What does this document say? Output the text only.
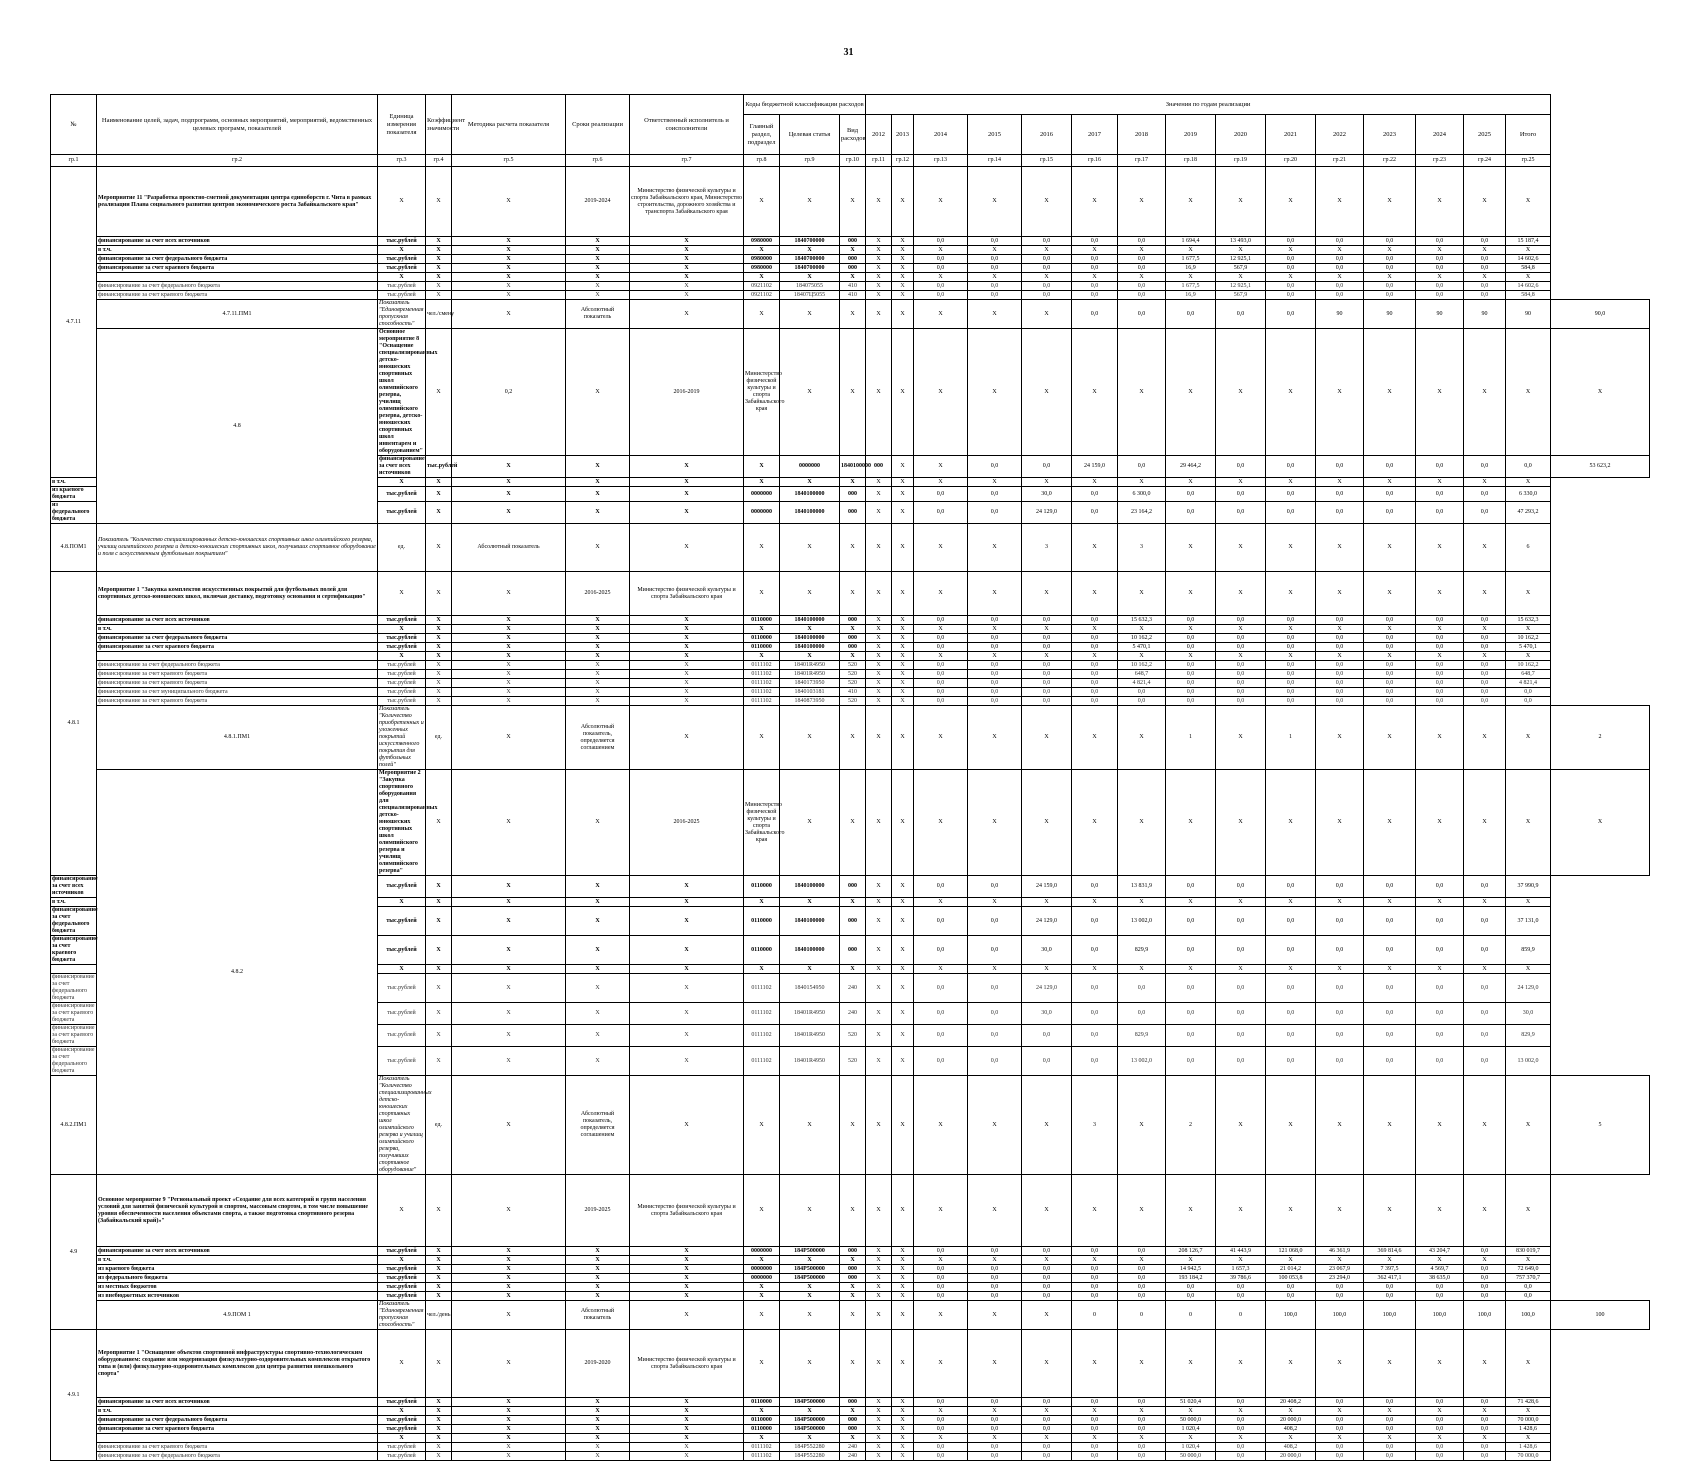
31
№	Наименование целей, задач, подпрограмм, основных мероприятий, мероприятий, ведомственных целевых программ, показателей	Единица измерения показателя	Коэффициент значимости	Методика расчета показателя	Сроки реализации	Ответственный исполнитель и соисполнители	Коды бюджетной классификации расходов			Значения по годам реализации															
							Главный раздел, подраздел	Целевая статья	Вид расходов	2012	2013	2014	2015	2016	2017	2018	2019	2020	2021	2022	2023	2024	2025	Итого	
гр.1	гр.2	гр.3	гр.4	гр.5	гр.6	гр.7	гр.8	гр.9	гр.10	гр.11	гр.12	гр.13	гр.14	гр.15	гр.16	гр.17	гр.18	гр.19	гр.20	гр.21	гр.22	гр.23	гр.24	гр.25	
4.7.11	Мероприятие 11 "Разработка проектно-сметной документации центра единоборств г. Чита в рамках реализации Плана социального развития центров экономического роста Забайкальского края"	Х	Х	Х	2019-2024	Министерство физической культуры и спорта Забайкальского края, Министерство строительства, дорожного хозяйства и транспорта Забайкальского края	Х	Х	Х	Х	Х	Х	Х	Х	Х	Х	Х	Х	Х	Х	Х	Х	Х	Х	
	финансирование за счет всех источников	тыс.рублей	Х	Х	Х	Х	0980000	1840700000	000	Х	Х	0,0	0,0	0,0	0,0	0,0	1 694,4	13 493,0	0,0	0,0	0,0	0,0	0,0	15 187,4	
	в т.ч.	Х	Х	Х	Х	Х	Х	Х	Х	Х	Х	Х	Х	Х	Х	Х	Х	Х	Х	Х	Х	Х	Х	Х	
	финансирование за счет федерального бюджета	тыс.рублей	Х	Х	Х	Х	0980000	1840700000	000	Х	Х	0,0	0,0	0,0	0,0	0,0	1 677,5	12 925,1	0,0	0,0	0,0	0,0	0,0	14 602,6	
	финансирование за счет краевого бюджета	тыс.рублей	Х	Х	Х	Х	0980000	1840700000	000	Х	Х	0,0	0,0	0,0	0,0	0,0	16,9	567,9	0,0	0,0	0,0	0,0	0,0	584,8	
		Х	Х	Х	Х	Х	Х	Х	Х	Х	Х	Х	Х	Х	Х	Х	Х	Х	Х	Х	Х	Х	Х	Х	
	финансирование за счет федерального бюджета	тыс.рублей	Х	Х	Х	Х	0921102	184075055	410	Х	Х	0,0	0,0	0,0	0,0	0,0	1 677,5	12 925,1	0,0	0,0	0,0	0,0	0,0	14 602,6	
	финансирование за счет краевого бюджета	тыс.рублей	Х	Х	Х	Х	0921102	18407Ц5055	410	Х	Х	0,0	0,0	0,0	0,0	0,0	16,9	567,9	0,0	0,0	0,0	0,0	0,0	584,8	
	4.7.11.ПМ1	Показатель "Единовременная пропускная способность"	чел./смену	Х	Абсолютный показатель	Х	Х	Х	Х	Х	Х	Х	Х	Х	0,0	0,0	0,0	0,0	0,0	90	90	90	90	90	90,0
	4.8	Основное мероприятие 8 "Оснащение специализированных детско-юношеских спортивных школ олимпийского резерва, училищ олимпийского резерва, детско-юношеских спортивных школ инвентарем и оборудованием"	Х	0,2	Х	2016-2019	Министерство физической культуры и спорта Забайкальского края	Х	Х	Х	Х	Х	Х	Х	Х	Х	Х	Х	Х	Х	Х	Х	Х	Х	Х
		финансирование за счет всех источников	тыс.рублей	Х	Х	Х	Х	0000000	1840100000	000	Х	Х	0,0	0,0	24 159,0	0,0	29 464,2	0,0	0,0	0,0	0,0	0,0	0,0	0,0	53 623,2
в т.ч.		Х	Х	Х	Х	Х	Х	Х	Х	Х	Х	Х	Х	Х	Х	Х	Х	Х	Х	Х	Х	Х	Х	Х	
из краевого бюджета		тыс.рублей	Х	Х	Х	Х	0000000	1840100000	000	Х	Х	0,0	0,0	30,0	0,0	6 300,0	0,0	0,0	0,0	0,0	0,0	0,0	0,0	6 330,0	
из федерального бюджета		тыс.рублей	Х	Х	Х	Х	0000000	1840100000	000	Х	Х	0,0	0,0	24 129,0	0,0	23 164,2	0,0	0,0	0,0	0,0	0,0	0,0	0,0	47 293,2	
4.8.ПОМ1	Показатель "Количество специализированных детско-юношеских спортивных школ олимпийского резерва, училищ олимпийского резерва и детско-юношеских спортивных школ, получивших спортивное оборудование и поля с искусственным футбольным покрытием"	ед.	Х	Абсолютный показатель	Х	Х	Х	Х	Х	Х	Х	Х	Х	3	Х	3	Х	Х	Х	Х	Х	Х	Х	6	
4.8.1	Мероприятие 1 "Закупка комплектов искусственных покрытий для футбольных полей для спортивных детско-юношеских школ, включая доставку, подготовку основания и сертификацию"	Х	Х	Х	2016-2025	Министерство физической культуры и спорта Забайкальского края	Х	Х	Х	Х	Х	Х	Х	Х	Х	Х	Х	Х	Х	Х	Х	Х	Х	Х	
	финансирование за счет всех источников	тыс.рублей	Х	Х	Х	Х	0110000	1840100000	000	Х	Х	0,0	0,0	0,0	0,0	15 632,3	0,0	0,0	0,0	0,0	0,0	0,0	0,0	15 632,3	
	в т.ч.	Х	Х	Х	Х	Х	Х	Х	Х	Х	Х	Х	Х	Х	Х	Х	Х	Х	Х	Х	Х	Х	Х	Х	
	финансирование за счет федерального бюджета	тыс.рублей	Х	Х	Х	Х	0110000	1840100000	000	Х	Х	0,0	0,0	0,0	0,0	10 162,2	0,0	0,0	0,0	0,0	0,0	0,0	0,0	10 162,2	
	финансирование за счет краевого бюджета	тыс.рублей	Х	Х	Х	Х	0110000	1840100000	000	Х	Х	0,0	0,0	0,0	0,0	5 470,1	0,0	0,0	0,0	0,0	0,0	0,0	0,0	5 470,1	
		Х	Х	Х	Х	Х	Х	Х	Х	Х	Х	Х	Х	Х	Х	Х	Х	Х	Х	Х	Х	Х	Х	Х	
	финансирование за счет федерального бюджета	тыс.рублей	Х	Х	Х	Х	0111102	18401R4950	520	Х	Х	0,0	0,0	0,0	0,0	10 162,2	0,0	0,0	0,0	0,0	0,0	0,0	0,0	10 162,2	
	финансирование за счет краевого бюджета	тыс.рублей	Х	Х	Х	Х	0111102	18401R4950	520	Х	Х	0,0	0,0	0,0	0,0	648,7	0,0	0,0	0,0	0,0	0,0	0,0	0,0	648,7	
	финансирование за счет краевого бюджета	тыс.рублей	Х	Х	Х	Х	0111102	1840173950	520	Х	Х	0,0	0,0	0,0	0,0	4 821,4	0,0	0,0	0,0	0,0	0,0	0,0	0,0	4 821,4	
	финансирование за счет муниципального бюджета	тыс.рублей	Х	Х	Х	Х	0111102	1840103181	410	Х	Х	0,0	0,0	0,0	0,0	0,0	0,0	0,0	0,0	0,0	0,0	0,0	0,0	0,0	
	финансирование за счет краевого бюджета	тыс.рублей	Х	Х	Х	Х	0111102	1840873950	520	Х	Х	0,0	0,0	0,0	0,0	0,0	0,0	0,0	0,0	0,0	0,0	0,0	0,0	0,0	
	4.8.1.ПМ1	Показатель "Количество приобретенных и уложенных покрытий искусственного покрытия для футбольных полей"	ед.	Х	Абсолютный показатель, определяется соглашением	Х	Х	Х	Х	Х	Х	Х	Х	Х	Х	Х	1	Х	1	Х	Х	Х	Х	Х	2
	4.8.2	Мероприятие 2 "Закупка спортивного оборудования для специализированных детско-юношеских спортивных школ олимпийского резерва и училищ олимпийского резерва"	Х	Х	Х	2016-2025	Министерство физической культуры и спорта Забайкальского края	Х	Х	Х	Х	Х	Х	Х	Х	Х	Х	Х	Х	Х	Х	Х	Х	Х	Х
финансирование за счет всех источников		тыс.рублей	Х	Х	Х	Х	0110000	1840100000	000	Х	Х	0,0	0,0	24 159,0	0,0	13 831,9	0,0	0,0	0,0	0,0	0,0	0,0	0,0	37 990,9	
в т.ч.		Х	Х	Х	Х	Х	Х	Х	Х	Х	Х	Х	Х	Х	Х	Х	Х	Х	Х	Х	Х	Х	Х	Х	
финансирование за счет федерального бюджета		тыс.рублей	Х	Х	Х	Х	0110000	1840100000	000	Х	Х	0,0	0,0	24 129,0	0,0	13 002,0	0,0	0,0	0,0	0,0	0,0	0,0	0,0	37 131,0	
финансирование за счет краевого бюджета		тыс.рублей	Х	Х	Х	Х	0110000	1840100000	000	Х	Х	0,0	0,0	30,0	0,0	829,9	0,0	0,0	0,0	0,0	0,0	0,0	0,0	859,9	
		Х	Х	Х	Х	Х	Х	Х	Х	Х	Х	Х	Х	Х	Х	Х	Х	Х	Х	Х	Х	Х	Х	Х	
финансирование за счет федерального бюджета		тыс.рублей	Х	Х	Х	Х	0111102	1840154950	240	Х	Х	0,0	0,0	24 129,0	0,0	0,0	0,0	0,0	0,0	0,0	0,0	0,0	0,0	24 129,0	
финансирование за счет краевого бюджета		тыс.рублей	Х	Х	Х	Х	0111102	18401R4950	240	Х	Х	0,0	0,0	30,0	0,0	0,0	0,0	0,0	0,0	0,0	0,0	0,0	0,0	30,0	
финансирование за счет краевого бюджета		тыс.рублей	Х	Х	Х	Х	0111102	18401R4950	520	Х	Х	0,0	0,0	0,0	0,0	829,9	0,0	0,0	0,0	0,0	0,0	0,0	0,0	829,9	
финансирование за счет федерального бюджета		тыс.рублей	Х	Х	Х	Х	0111102	18401R4950	520	Х	Х	0,0	0,0	0,0	0,0	13 002,0	0,0	0,0	0,0	0,0	0,0	0,0	0,0	13 002,0	
4.8.2.ПМ1		Показатель "Количество специализированных детско-юношеских спортивных школ олимпийского резерва и училищ олимпийского резерва, получивших спортивное оборудование"	ед.	Х	Абсолютный показатель, определяется соглашением	Х	Х	Х	Х	Х	Х	Х	Х	Х	3	Х	2	Х	Х	Х	Х	Х	Х	Х	5
4.9	Основное мероприятие 9 "Региональный проект «Создание для всех категорий и групп населения условий для занятий физической культурой и спортом, массовым спортом, в том числе повышение уровня обеспеченности населения объектами спорта, а также подготовка спортивного резерва (Забайкальский край)»"	Х	Х	Х	2019-2025	Министерство физической культуры и спорта Забайкальского края	Х	Х	Х	Х	Х	Х	Х	Х	Х	Х	Х	Х	Х	Х	Х	Х	Х	Х	
	финансирование за счет всех источников	тыс.рублей	Х	Х	Х	Х	0000000	184P500000	000	Х	Х	0,0	0,0	0,0	0,0	0,0	208 126,7	41 443,9	121 068,0	46 361,9	369 814,6	43 204,7	0,0	830 019,7	
	в т.ч.	Х	Х	Х	Х	Х	Х	Х	Х	Х	Х	Х	Х	Х	Х	Х	Х	Х	Х	Х	Х	Х	Х	Х	
	из краевого бюджета	тыс.рублей	Х	Х	Х	Х	0000000	184P500000	000	Х	Х	0,0	0,0	0,0	0,0	0,0	14 942,5	1 657,3	21 014,2	23 067,9	7 397,5	4 569,7	0,0	72 649,0	
	из федерального бюджета	тыс.рублей	Х	Х	Х	Х	0000000	184P500000	000	Х	Х	0,0	0,0	0,0	0,0	0,0	193 184,2	39 786,6	100 053,8	23 294,0	362 417,1	38 635,0	0,0	757 370,7	
	из местных бюджетов	тыс.рублей	Х	Х	Х	Х	Х	Х	Х	Х	Х	0,0	0,0	0,0	0,0	0,0	0,0	0,0	0,0	0,0	0,0	0,0	0,0	0,0	
	из внебюджетных источников	тыс.рублей	Х	Х	Х	Х	Х	Х	Х	Х	Х	0,0	0,0	0,0	0,0	0,0	0,0	0,0	0,0	0,0	0,0	0,0	0,0	0,0	
	4.9.ПОМ 1	Показатель "Единовременная пропускная способность"	чел./день	Х	Абсолютный показатель	Х	Х	Х	Х	Х	Х	Х	Х	Х	0	0	0	0	100,0	100,0	100,0	100,0	100,0	100,0	100
4.9.1	Мероприятие 1 "Оснащение объектов спортивной инфраструктуры спортивно-технологическим оборудованием: создание или модернизация физкультурно-оздоровительных комплексов открытого типа и (или) физкультурно-оздоровительных комплексов для центра развития внешкольного спорта"	Х	Х	Х	2019-2020	Министерство физической культуры и спорта Забайкальского края	Х	Х	Х	Х	Х	Х	Х	Х	Х	Х	Х	Х	Х	Х	Х	Х	Х	Х	
	финансирование за счет всех источников	тыс.рублей	Х	Х	Х	Х	0110000	184P500000	000	Х	Х	0,0	0,0	0,0	0,0	0,0	51 020,4	0,0	20 408,2	0,0	0,0	0,0	0,0	71 428,6	
	в т.ч.	Х	Х	Х	Х	Х	Х	Х	Х	Х	Х	Х	Х	Х	Х	Х	Х	Х	Х	Х	Х	Х	Х	Х	
	финансирование за счет федерального бюджета	тыс.рублей	Х	Х	Х	Х	0110000	184P500000	000	Х	Х	0,0	0,0	0,0	0,0	0,0	50 000,0	0,0	20 000,0	0,0	0,0	0,0	0,0	70 000,0	
	финансирование за счет краевого бюджета	тыс.рублей	Х	Х	Х	Х	0110000	184P500000	000	Х	Х	0,0	0,0	0,0	0,0	0,0	1 020,4	0,0	408,2	0,0	0,0	0,0	0,0	1 428,6	
		Х	Х	Х	Х	Х	Х	Х	Х	Х	Х	Х	Х	Х	Х	Х	Х	Х	Х	Х	Х	Х	Х	Х	
	финансирование за счет краевого бюджета	тыс.рублей	Х	Х	Х	Х	0111102	184P552280	240	Х	Х	0,0	0,0	0,0	0,0	0,0	1 020,4	0,0	408,2	0,0	0,0	0,0	0,0	1 428,6	
	финансирование за счет федерального бюджета	тыс.рублей	Х	Х	Х	Х	0111102	184P552280	240	Х	Х	0,0	0,0	0,0	0,0	0,0	50 000,0	0,0	20 000,0	0,0	0,0	0,0	0,0	70 000,0	
